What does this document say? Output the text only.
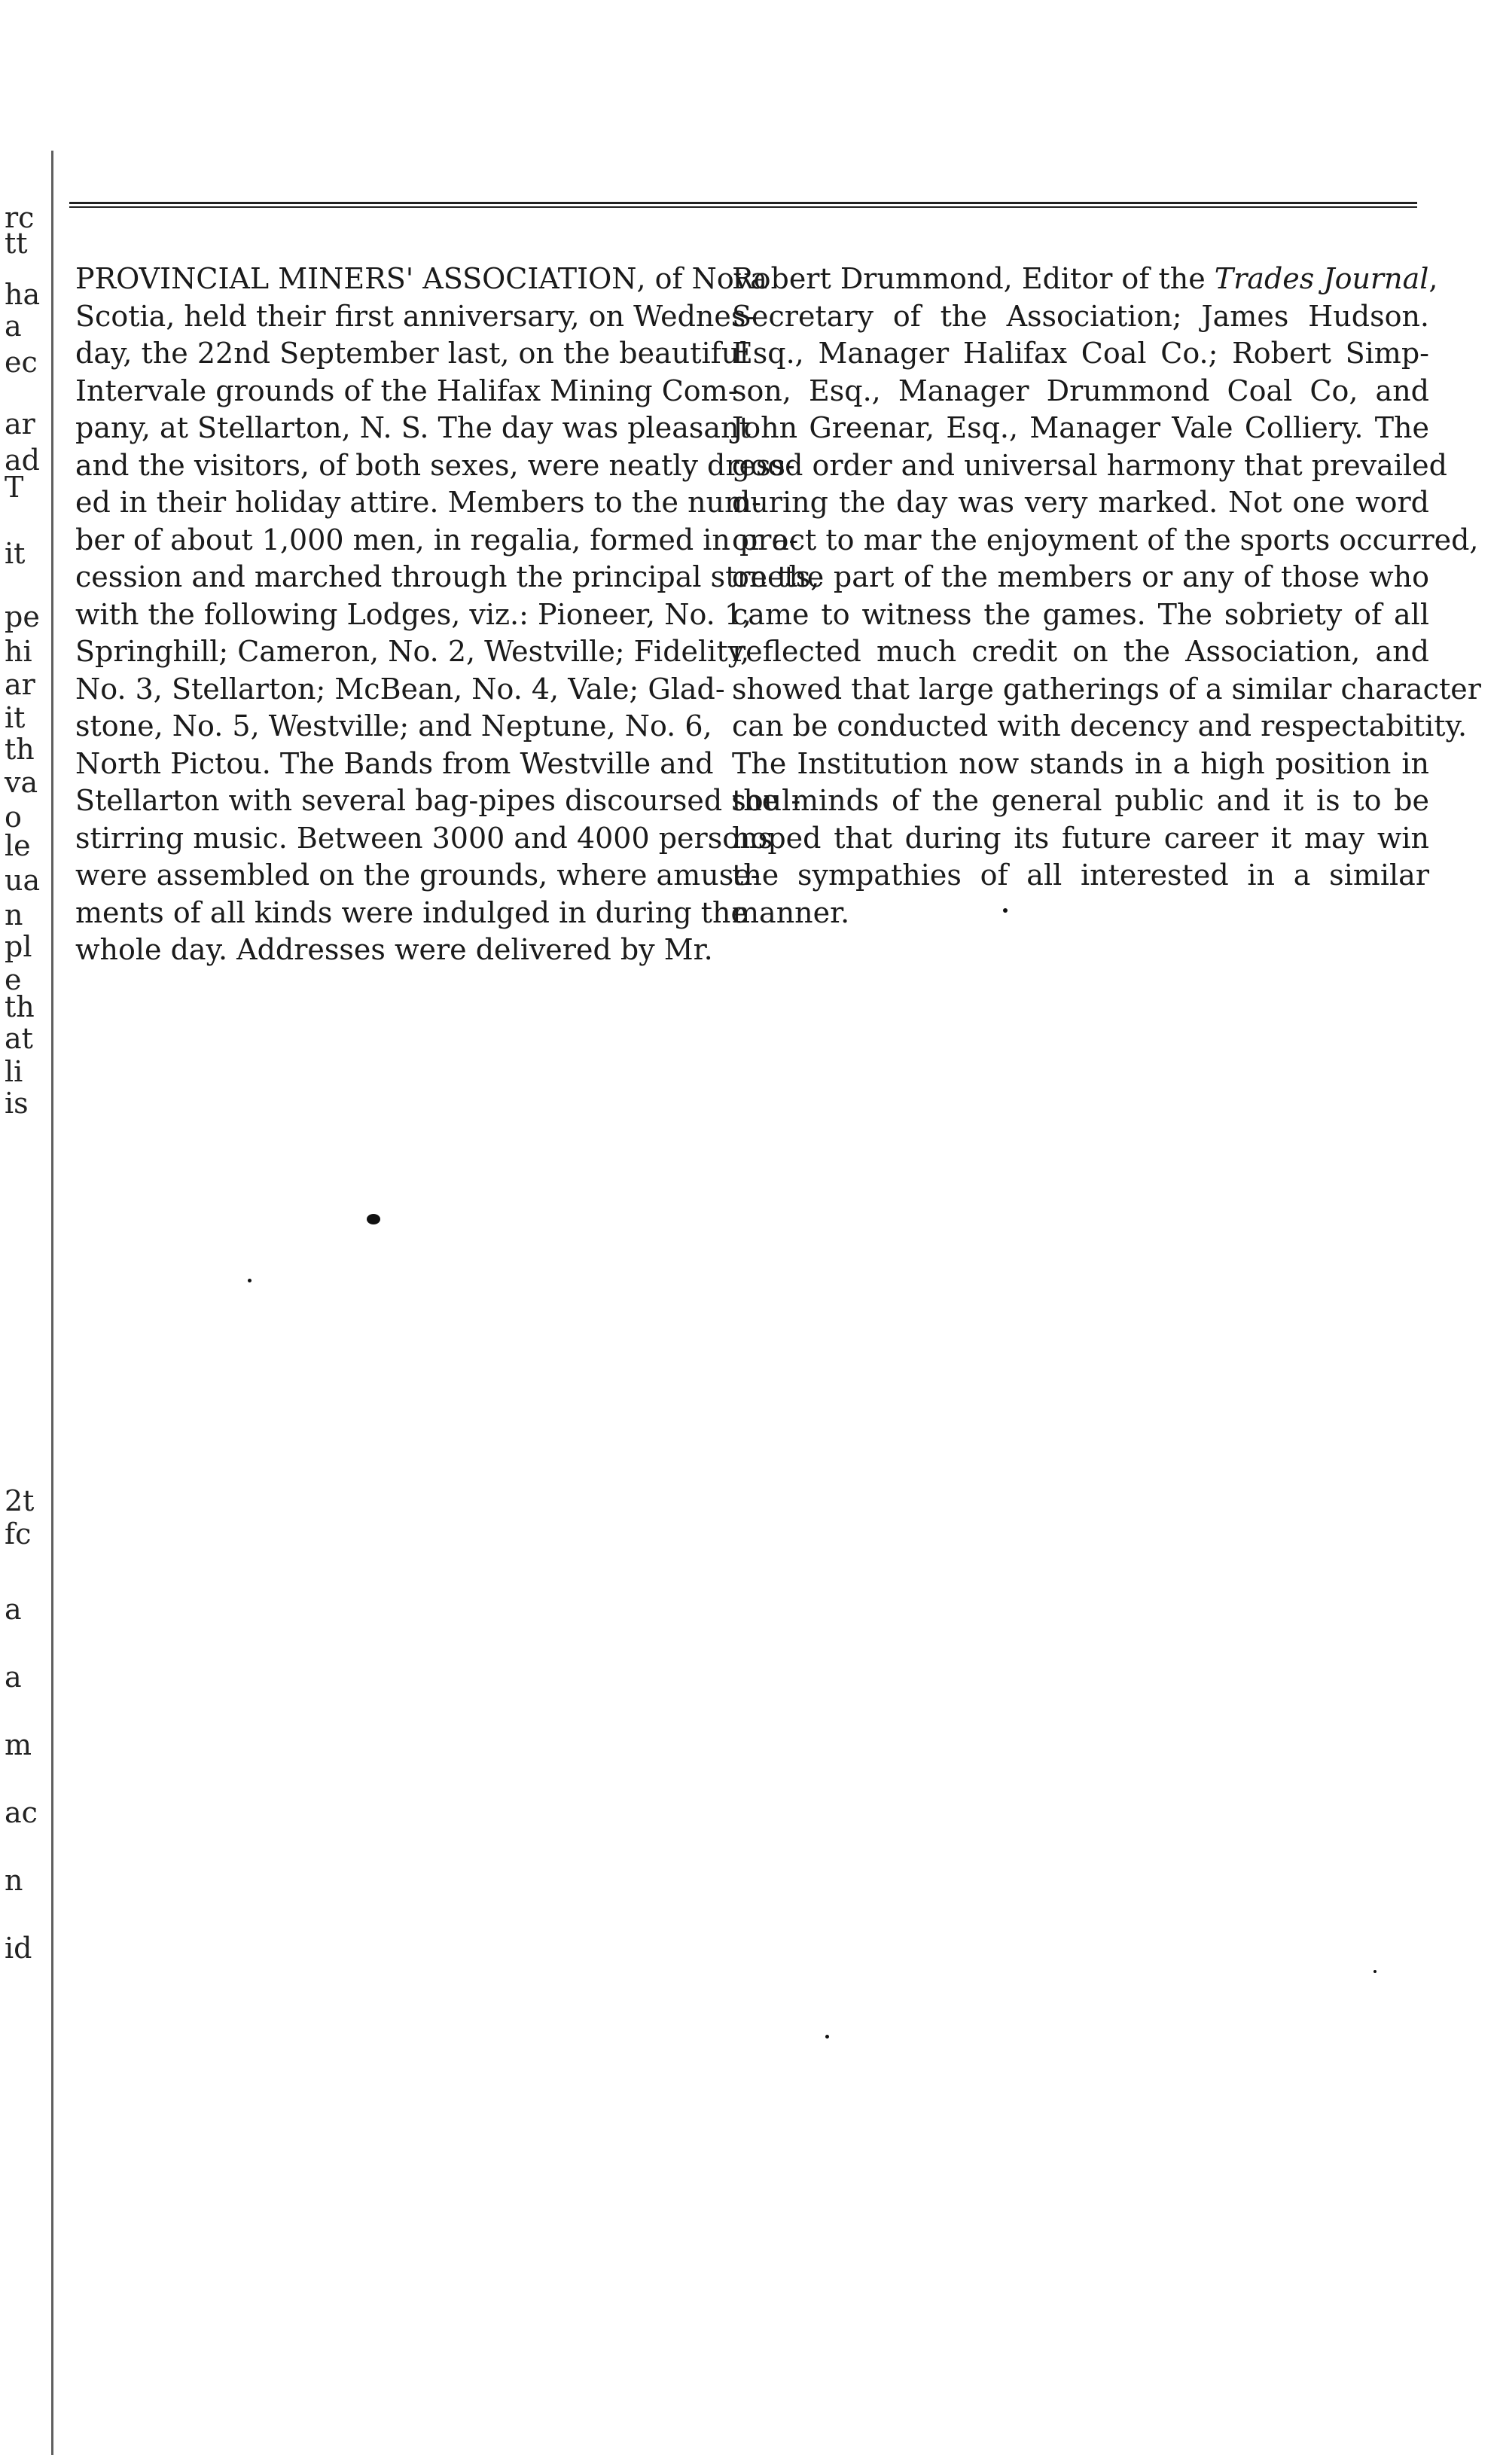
rc
tt
ha
a
ec
ar
ad
T
it
pe
hi
ar
it
th
va
o
le
ua
n
pl
e
th
at
li
is
2t
fc
a
a
m
ac
n
id
PROVINCIAL MINERS' ASSOCIATION, of Nova
Scotia, held their first anniversary, on Wednes-
day, the 22nd September last, on the beautiful
Intervale grounds of the Halifax Mining Com-
pany, at Stellarton, N. S. The day was pleasant
and the visitors, of both sexes, were neatly dress-
ed in their holiday attire. Members to the num-
ber of about 1,000 men, in regalia, formed in pro-
cession and marched through the principal streets,
with the following Lodges, viz.: Pioneer, No. 1,
Springhill; Cameron, No. 2, Westville; Fidelity,
No. 3, Stellarton; McBean, No. 4, Vale; Glad-
stone, No. 5, Westville; and Neptune, No. 6,
North Pictou. The Bands from Westville and
Stellarton with several bag-pipes discoursed soul-
stirring music. Between 3000 and 4000 persons
were assembled on the grounds, where amuse-
ments of all kinds were indulged in during the
whole day. Addresses were delivered by Mr.
Robert Drummond, Editor of the Trades Journal,
Secretary of the Association; James Hudson.
Esq., Manager Halifax Coal Co.; Robert Simp-
son, Esq., Manager Drummond Coal Co, and
John Greenar, Esq., Manager Vale Colliery. The
good order and universal harmony that prevailed
during the day was very marked. Not one word
or act to mar the enjoyment of the sports occurred,
on the part of the members or any of those who
came to witness the games. The sobriety of all
reflected much credit on the Association, and
showed that large gatherings of a similar character
can be conducted with decency and respectabitity.
The Institution now stands in a high position in
the minds of the general public and it is to be
hoped that during its future career it may win
the sympathies of all interested in a similar
manner.
